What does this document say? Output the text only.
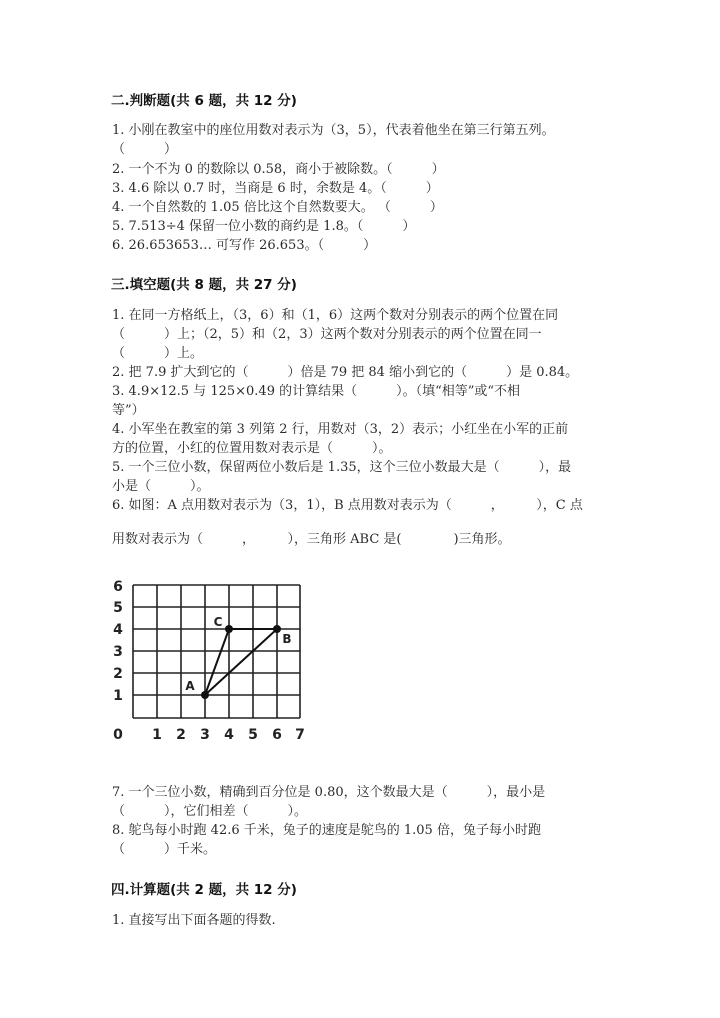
二.判断题(共 6 题，共 12 分)
1. 小刚在教室中的座位用数对表示为（3，5），代表着他坐在第三行第五列。
（　　　）
2. 一个不为 0 的数除以 0.58，商小于被除数。（　　　）
3. 4.6 除以 0.7 时，当商是 6 时，余数是 4。（　　　）
4. 一个自然数的 1.05 倍比这个自然数要大。 （　　　）
5. 7.513÷4 保留一位小数的商约是 1.8。（　　　）
6. 26.653653… 可写作 26.653。（　　　）
三.填空题(共 8 题，共 27 分)
1. 在同一方格纸上，（3，6）和（1，6）这两个数对分别表示的两个位置在同
（　　　）上；（2，5）和（2，3）这两个数对分别表示的两个位置在同一
（　　　）上。
2. 把 7.9 扩大到它的（　　　）倍是 79 把 84 缩小到它的（　　　）是 0.84。
3. 4.9×12.5 与 125×0.49 的计算结果（　　　）。（填“相等”或“不相
等”）
4. 小军坐在教室的第 3 列第 2 行，用数对（3，2）表示；小红坐在小军的正前
方的位置，小红的位置用数对表示是（　　　）。
5. 一个三位小数，保留两位小数后是 1.35，这个三位小数最大是（　　　），最
小是（　　　）。
6. 如图：A 点用数对表示为（3，1），B 点用数对表示为（　　　，　　　），C 点
用数对表示为（　　　，　　　），三角形 ABC 是(　　　　)三角形。
6
5
4
3
2
1
0 1 2 3 4 5 6 7
A
B
C
7. 一个三位小数，精确到百分位是 0.80，这个数最大是（　　　），最小是
（　　　），它们相差（　　　）。
8. 鸵鸟每小时跑 42.6 千米，兔子的速度是鸵鸟的 1.05 倍，兔子每小时跑
（　　　）千米。
四.计算题(共 2 题，共 12 分)
1. 直接写出下面各题的得数.
